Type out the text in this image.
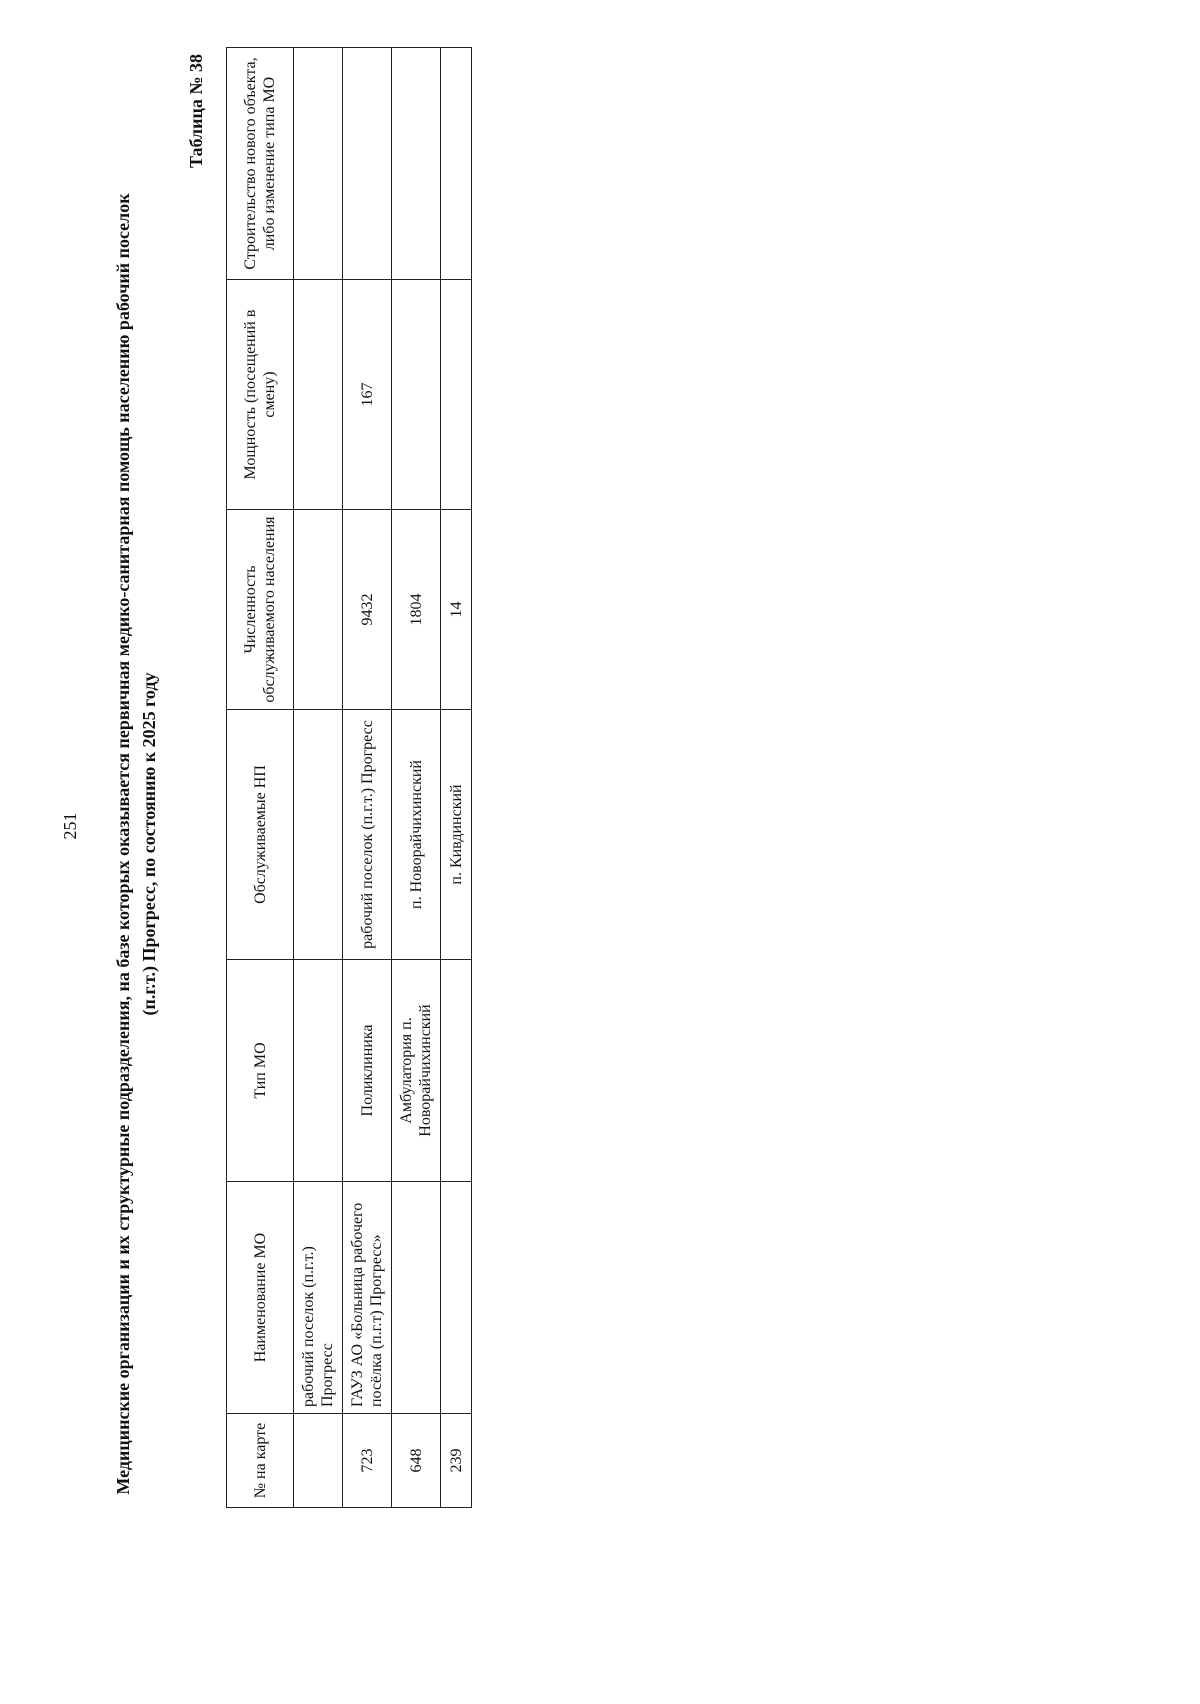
251 Медицинские организации и их структурные подразделения, на базе которых оказывается первичная медико-санитарная помощь населению рабочий поселок (п.г.т.) Прогресс, по состоянию к 2025 году
Таблица № 38
№ на карте	Наименование МО	Тип МО	Обслуживаемые НП	Численность обслуживаемого населения	Мощность (посещений в смену)	Строительство нового объекта, либо изменение типа МО
	рабочий поселок (п.г.т.) Прогресс					
723	ГАУЗ АО «Больница рабочего посёлка (п.г.т) Прогресс»	Поликлиника	рабочий поселок (п.г.т.) Прогресс	9432	167	
648		Амбулатория п. Новорайчихинский	п. Новорайчихинский	1804		
239			п. Кивдинский	14		
